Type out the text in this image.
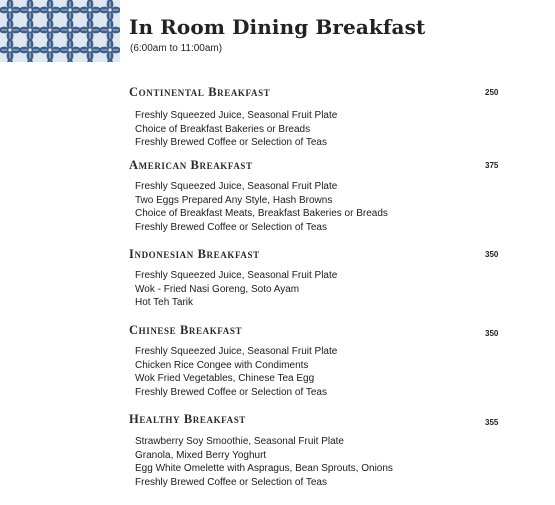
In Room Dining Breakfast
(6:00am to 11:00am)
Continental Breakfast	250
Freshly Squeezed Juice, Seasonal Fruit Plate
Choice of Breakfast Bakeries or Breads
Freshly Brewed Coffee or Selection of Teas
American Breakfast	375
Freshly Squeezed Juice, Seasonal Fruit Plate
Two Eggs Prepared Any Style, Hash Browns
Choice of Breakfast Meats, Breakfast Bakeries or Breads
Freshly Brewed Coffee or Selection of Teas
Indonesian Breakfast	350
Freshly Squeezed Juice, Seasonal Fruit Plate
Wok - Fried Nasi Goreng, Soto Ayam
Hot Teh Tarik
Chinese Breakfast	350
Freshly Squeezed Juice, Seasonal Fruit Plate
Chicken Rice Congee with Condiments
Wok Fried Vegetables, Chinese Tea Egg
Freshly Brewed Coffee or Selection of Teas
Healthy Breakfast	355
Strawberry Soy Smoothie, Seasonal Fruit Plate
Granola, Mixed Berry Yoghurt
Egg White Omelette with Aspragus, Bean Sprouts, Onions
Freshly Brewed Coffee or Selection of Teas
